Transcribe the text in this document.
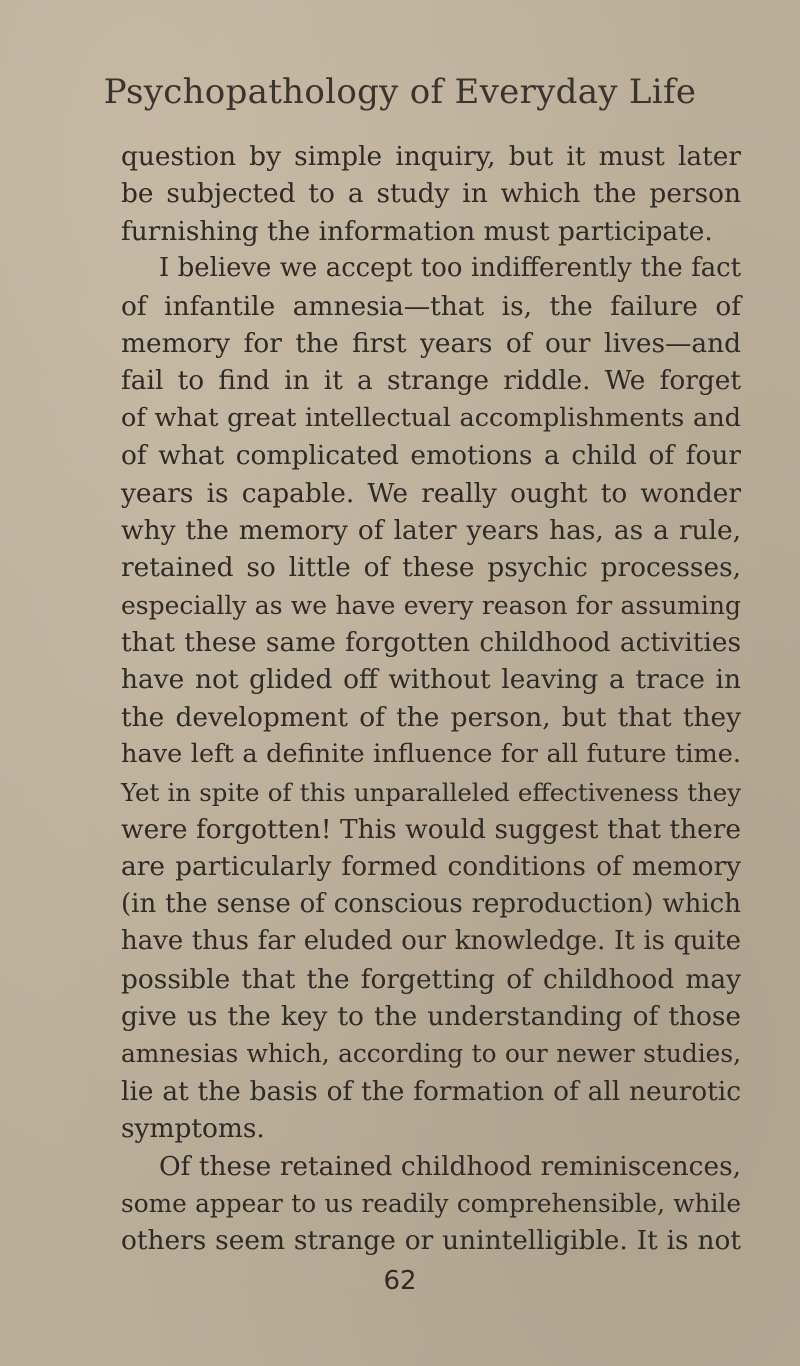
Psychopathology of Everyday Life
question by simple inquiry, but it must later
be subjected to a study in which the person
furnishing the information must participate.
I believe we accept too indifferently the fact
of infantile amnesia—that is, the failure of
memory for the first years of our lives—and
fail to find in it a strange riddle. We forget
of what great intellectual accomplishments and
of what complicated emotions a child of four
years is capable. We really ought to wonder
why the memory of later years has, as a rule,
retained so little of these psychic processes,
especially as we have every reason for assuming
that these same forgotten childhood activities
have not glided off without leaving a trace in
the development of the person, but that they
have left a definite influence for all future time.
Yet in spite of this unparalleled effectiveness they
were forgotten! This would suggest that there
are particularly formed conditions of memory
(in the sense of conscious reproduction) which
have thus far eluded our knowledge. It is quite
possible that the forgetting of childhood may
give us the key to the understanding of those
amnesias which, according to our newer studies,
lie at the basis of the formation of all neurotic
symptoms.
Of these retained childhood reminiscences,
some appear to us readily comprehensible, while
others seem strange or unintelligible. It is not
62
